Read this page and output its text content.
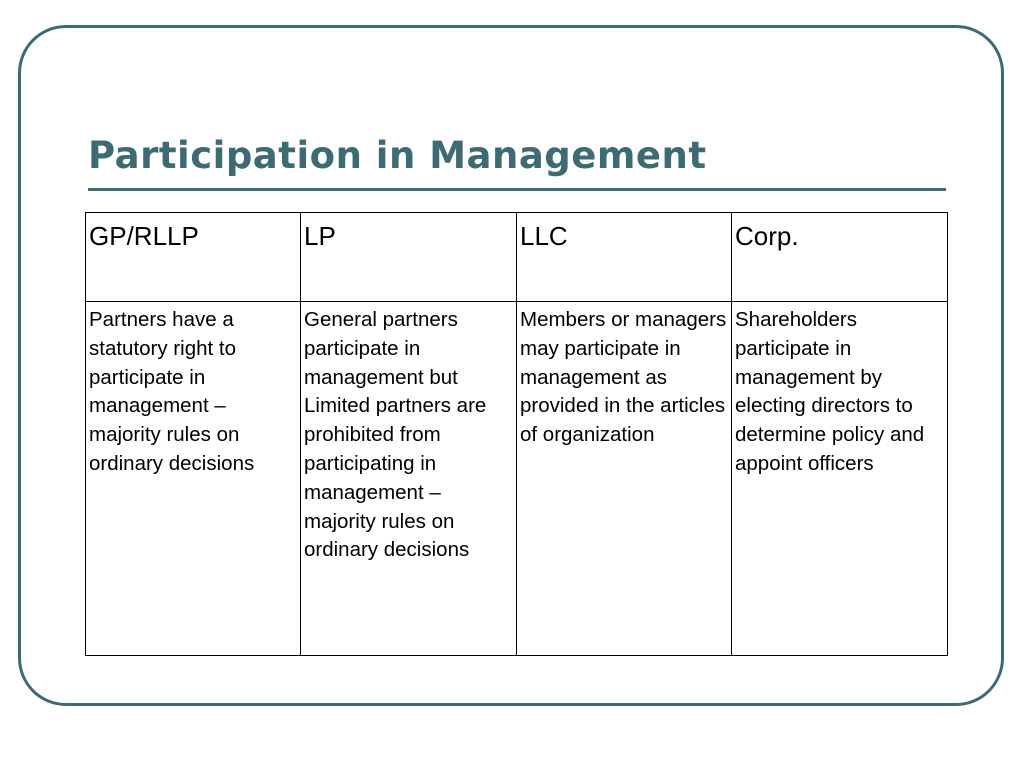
Participation in Management
GP/RLLP	LP	LLC	Corp.
Partners have a statutory right to participate in management – majority rules on ordinary decisions	General partners participate in management but Limited partners are prohibited from participating in management – majority rules on ordinary decisions	Members or managers may participate in management as provided in the articles of organization	Shareholders participate in management by electing directors to determine policy and appoint officers
